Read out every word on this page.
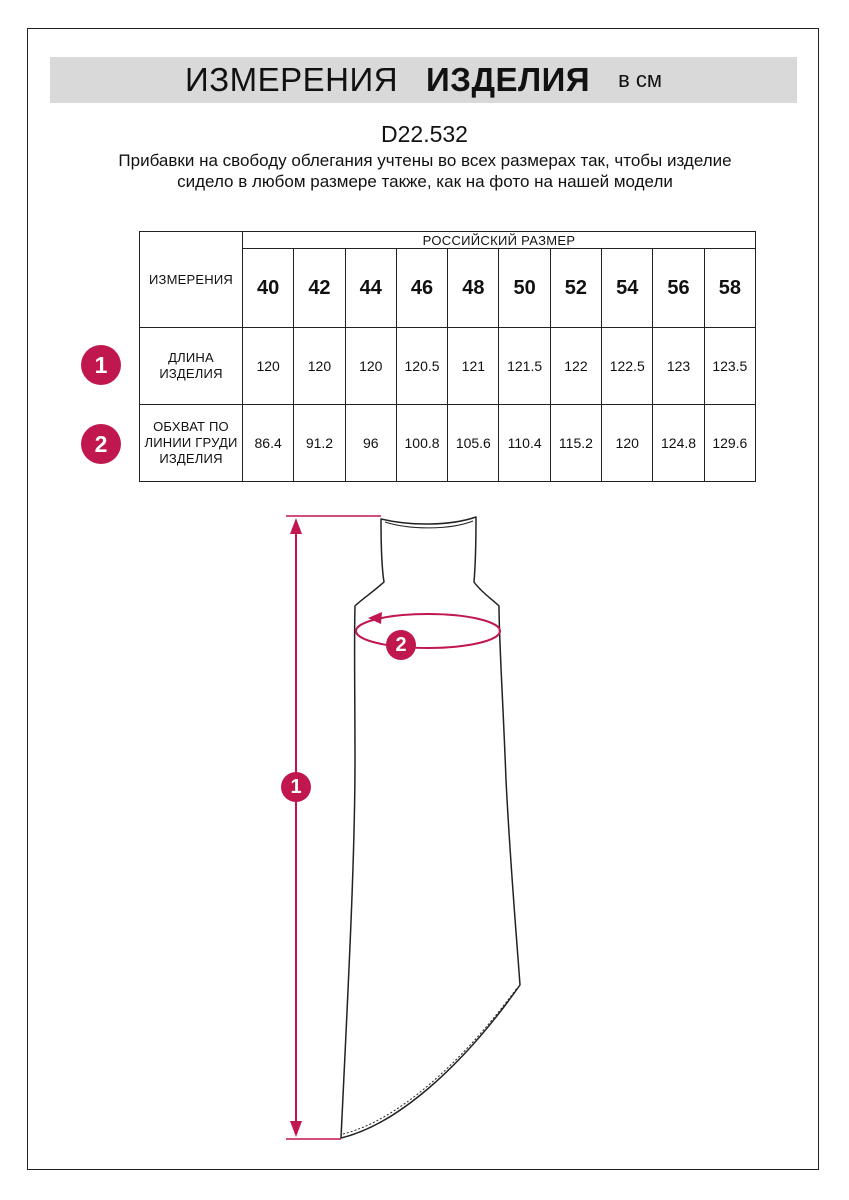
ИЗМЕРЕНИЯ ИЗДЕЛИЯ в см
D22.532
Прибавки на свободу облегания учтены во всех размерах так, чтобы изделие сидело в любом размере также, как на фото на нашей модели
ИЗМЕРЕНИЯ	РОССИЙСКИЙ РАЗМЕР									
	40	42	44	46	48	50	52	54	56	58
ДЛИНА ИЗДЕЛИЯ	120	120	120	120.5	121	121.5	122	122.5	123	123.5
ОБХВАТ ПО ЛИНИИ ГРУДИ ИЗДЕЛИЯ	86.4	91.2	96	100.8	105.6	110.4	115.2	120	124.8	129.6
1
2
1
2
